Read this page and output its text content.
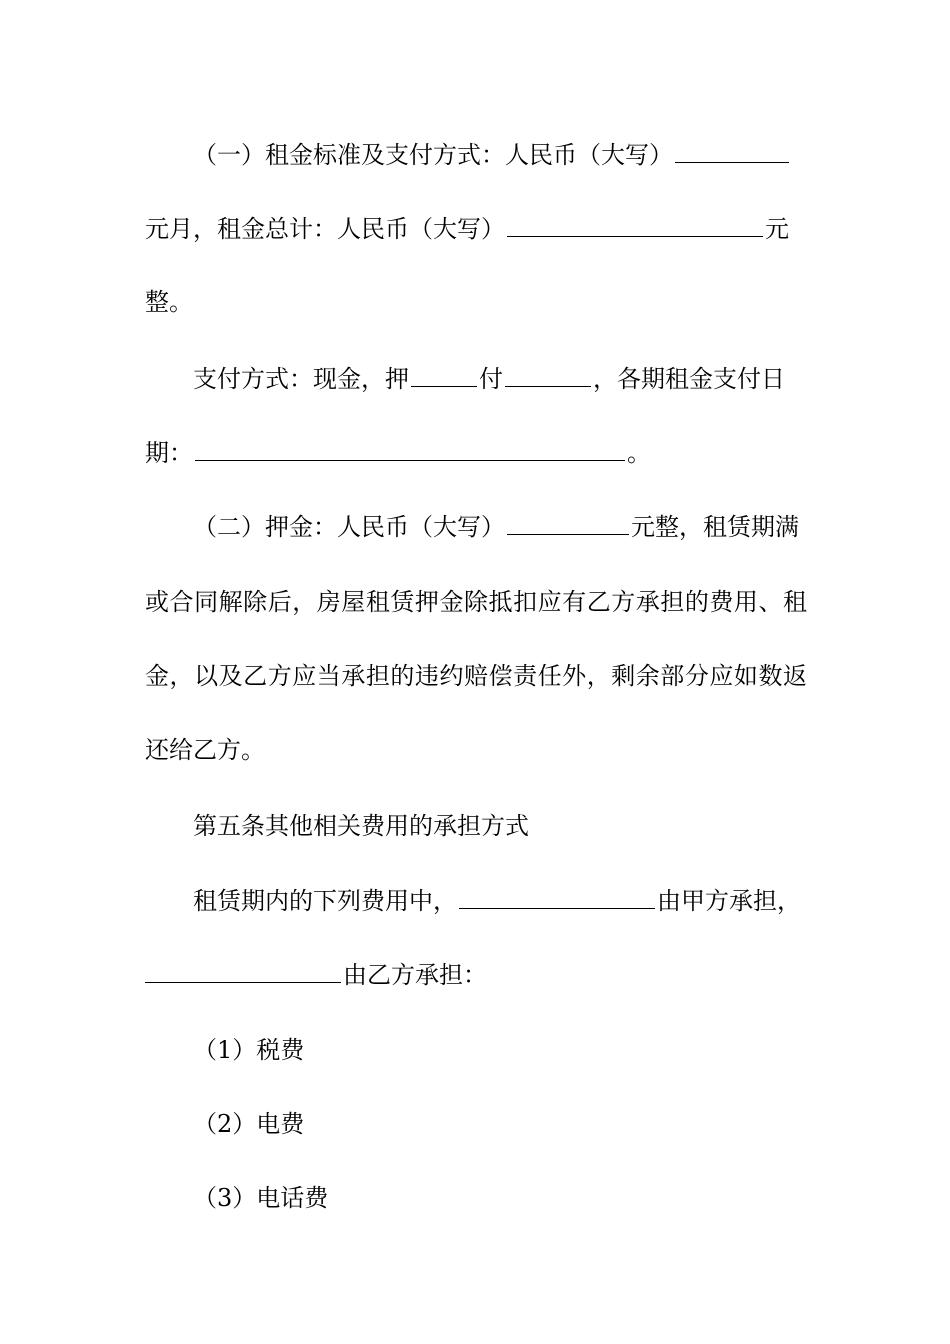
（一）租金标准及支付方式：人民币（大写）
元月，租金总计：人民币（大写）	元
整。
支付方式：现金，押	付	，各期租金支付日
期：	。
（二）押金：人民币（大写）	元整，租赁期满
或合同解除后，房屋租赁押金除抵扣应有乙方承担的费用、租
金，以及乙方应当承担的违约赔偿责任外，剩余部分应如数返
还给乙方。
第五条其他相关费用的承担方式
租赁期内的下列费用中，	由甲方承担，
由乙方承担：
（1）税费
（2）电费
（3）电话费
